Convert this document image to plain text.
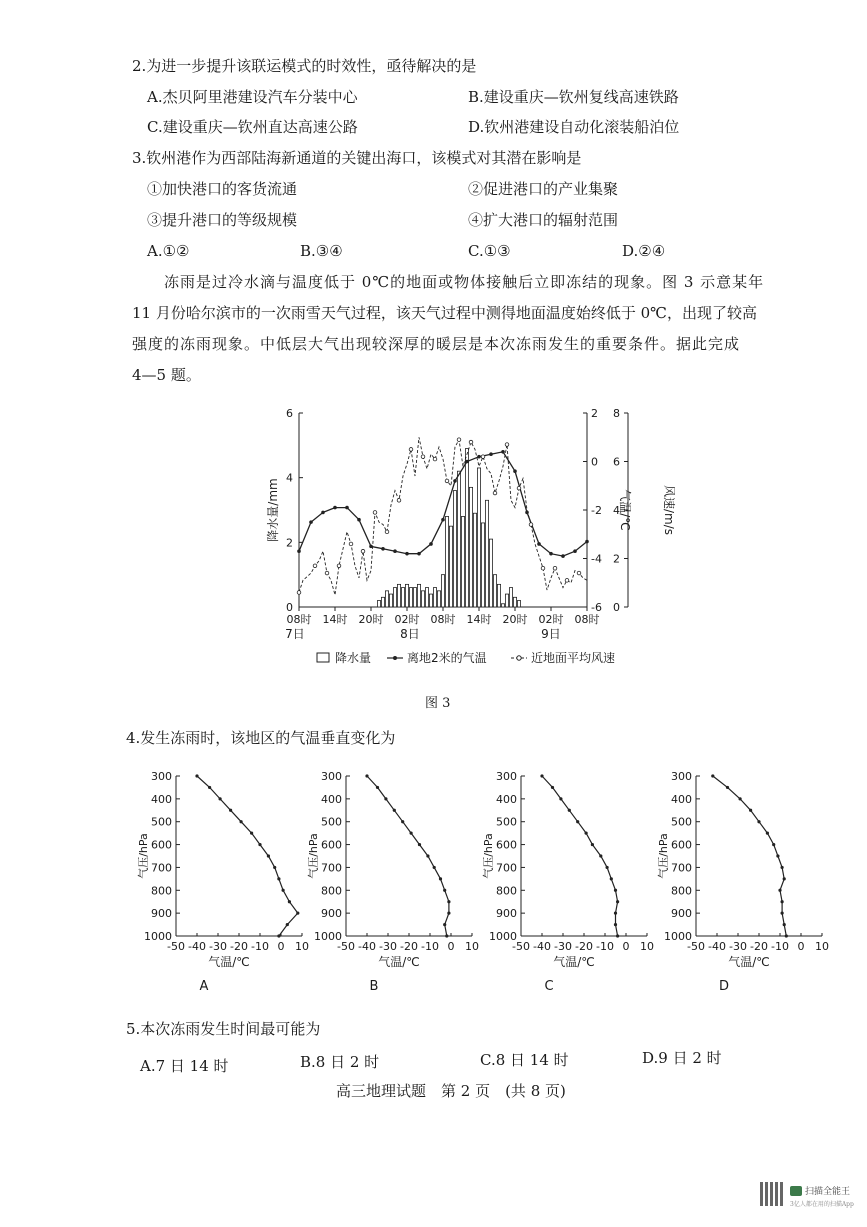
2.为进一步提升该联运模式的时效性，亟待解决的是
A.杰贝阿里港建设汽车分装中心	B.建设重庆—钦州复线高速铁路
C.建设重庆—钦州直达高速公路	D.钦州港建设自动化滚装船泊位
3.钦州港作为西部陆海新通道的关键出海口，该模式对其潜在影响是
①加快港口的客货流通	②促进港口的产业集聚
③提升港口的等级规模	④扩大港口的辐射范围
A.①②	B.③④	C.①③	D.②④
冻雨是过冷水滴与温度低于 0℃的地面或物体接触后立即冻结的现象。图 3 示意某年
11 月份哈尔滨市的一次雨雪天气过程，该天气过程中测得地面温度始终低于 0℃，出现了较高
强度的冻雨现象。中低层大气出现较深厚的暖层是本次冻雨发生的重要条件。据此完成
4—5 题。
0
2
4
6	2
0
-2
-4
-6 0
2
4
6
8
08时 14时 20时 02时 08时 14时 20时 02时 08时
降水量/mm	气温/℃	风速/m/s
7日	8日	9日
降水量	离地2米的气温	近地面平均风速
图 3
4.发生冻雨时，该地区的气温垂直变化为
300
400
500
600
700
800
900
1000
-50 -40 -30 -20 -10 0 10
气压/hPa
气温/℃
A
300
400
500
600
700
800
900
1000
-50 -40 -30 -20 -10 0 10
气压/hPa
气温/℃
B
300
400
500
600
700
800
900
1000
-50 -40 -30 -20 -10 0 10
气压/hPa
气温/℃
C
300
400
500
600
700
800
900
1000
-50 -40 -30 -20 -10 0 10
气压/hPa
气温/℃
D
5.本次冻雨发生时间最可能为
A.7 日 14 时	B.8 日 2 时	C.8 日 14 时	D.9 日 2 时
高三地理试题　第 2 页　(共 8 页)
扫描全能王
3亿人都在用的扫描App
